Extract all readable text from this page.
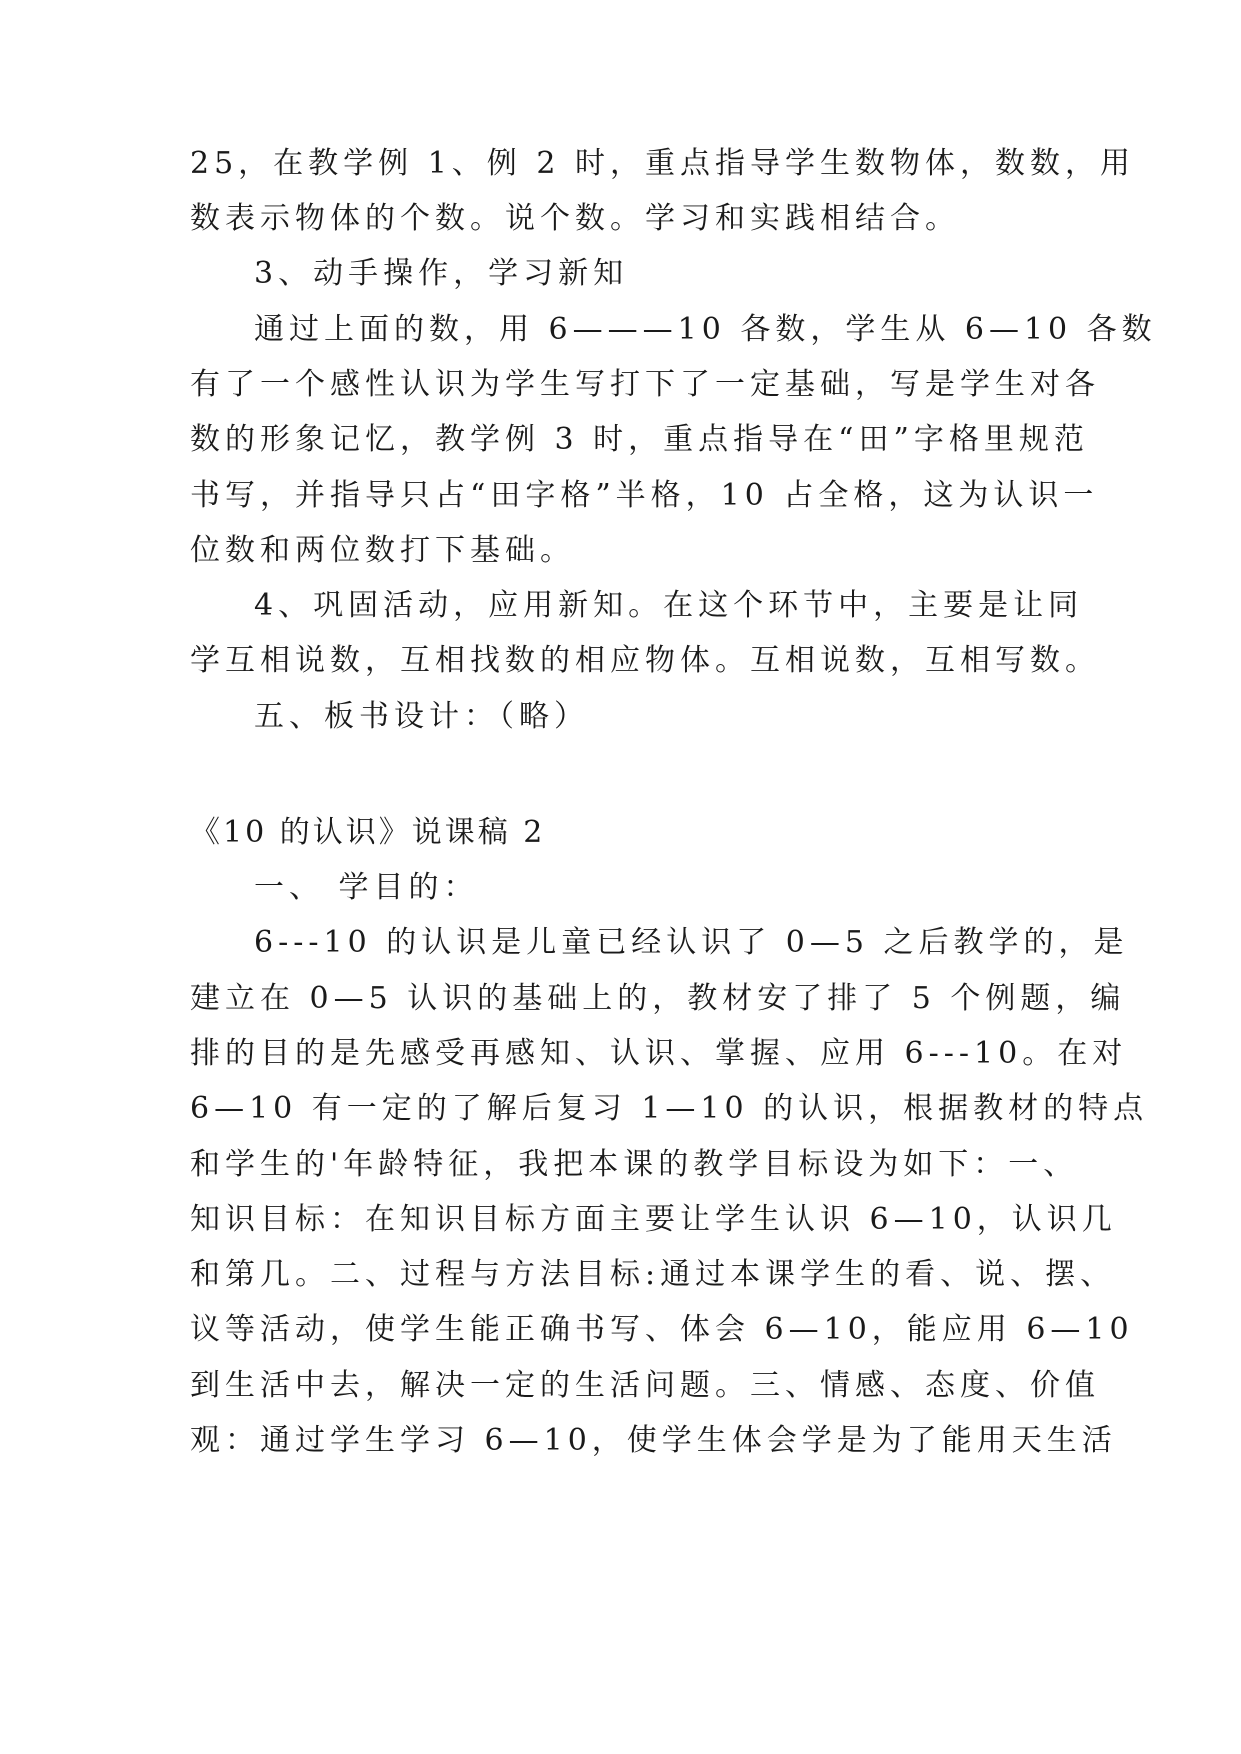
25，在教学例 1、例 2 时，重点指导学生数物体，数数，用
数表示物体的个数。说个数。学习和实践相结合。
3、动手操作，学习新知
通过上面的数，用 6———10 各数，学生从 6—10 各数
有了一个感性认识为学生写打下了一定基础，写是学生对各
数的形象记忆，教学例 3 时，重点指导在“田”字格里规范
书写，并指导只占“田字格”半格，10 占全格，这为认识一
位数和两位数打下基础。
4、巩固活动，应用新知。在这个环节中，主要是让同
学互相说数，互相找数的相应物体。互相说数，互相写数。
五、板书设计：（略）
《10 的认识》说课稿 2
一、 学目的：
6---10 的认识是儿童已经认识了 0—5 之后教学的，是
建立在 0—5 认识的基础上的，教材安了排了 5 个例题，编
排的目的是先感受再感知、认识、掌握、应用 6---10。在对
6—10 有一定的了解后复习 1—10 的认识，根据教材的特点
和学生的'年龄特征，我把本课的教学目标设为如下：一、
知识目标：在知识目标方面主要让学生认识 6—10，认识几
和第几。二、过程与方法目标:通过本课学生的看、说、摆、
议等活动，使学生能正确书写、体会 6—10，能应用 6—10
到生活中去，解决一定的生活问题。三、情感、态度、价值
观：通过学生学习 6—10，使学生体会学是为了能用天生活
